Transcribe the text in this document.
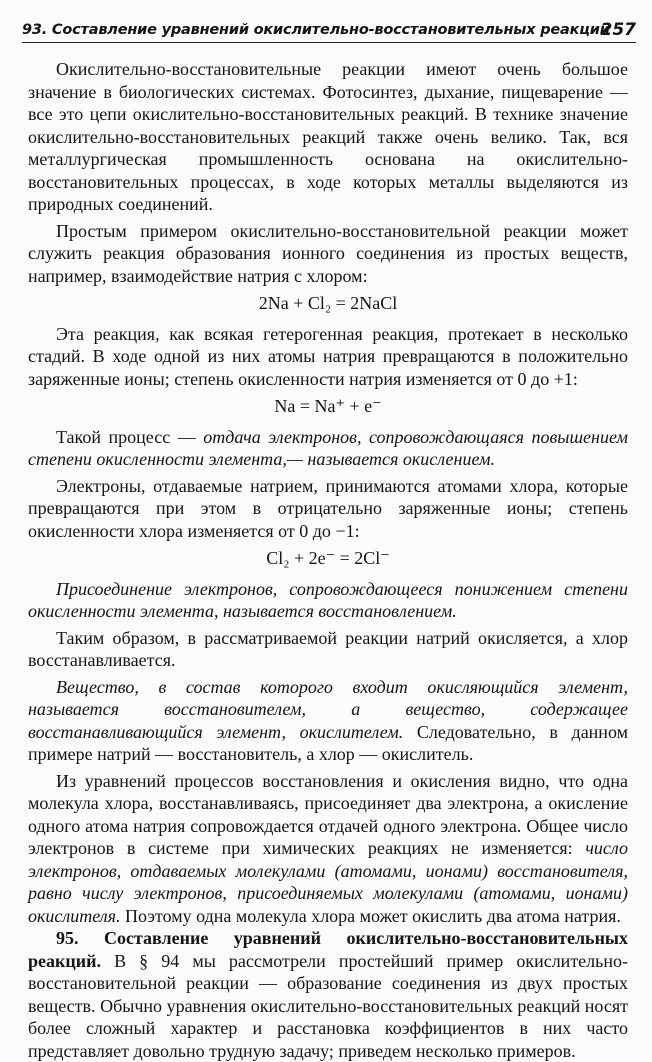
93. Составление уравнений окислительно-восстановительных реакций
257

Окислительно-восстановительные реакции имеют очень большое значение в биологических системах. Фотосинтез, дыхание, пищеварение — все это цепи окислительно-восстановительных реакций. В технике значение окислительно-восстановительных реакций также очень велико. Так, вся металлургическая промышленность основана на окислительно-восстановительных процессах, в ходе которых металлы выделяются из природных соединений.

Простым примером окислительно-восстановительной реакции может служить реакция образования ионного соединения из простых веществ, например, взаимодействие натрия с хлором:

2Na + Cl₂ = 2NaCl

Эта реакция, как всякая гетерогенная реакция, протекает в несколько стадий. В ходе одной из них атомы натрия превращаются в положительно заряженные ионы; степень окисленности натрия изменяется от 0 до +1:

Na = Na⁺ + e⁻

Такой процесс — отдача электронов, сопровождающаяся повышением степени окисленности элемента,— называется окислением.

Электроны, отдаваемые натрием, принимаются атомами хлора, которые превращаются при этом в отрицательно заряженные ионы; степень окисленности хлора изменяется от 0 до −1:

Cl₂ + 2e⁻ = 2Cl⁻

Присоединение электронов, сопровождающееся понижением степени окисленности элемента, называется восстановлением.

Таким образом, в рассматриваемой реакции натрий окисляется, а хлор восстанавливается.

Вещество, в состав которого входит окисляющийся элемент, называется восстановителем, а вещество, содержащее восстанавливающийся элемент, окислителем. Следовательно, в данном примере натрий — восстановитель, а хлор — окислитель.

Из уравнений процессов восстановления и окисления видно, что одна молекула хлора, восстанавливаясь, присоединяет два электрона, а окисление одного атома натрия сопровождается отдачей одного электрона. Общее число электронов в системе при химических реакциях не изменяется: число электронов, отдаваемых молекулами (атомами, ионами) восстановителя, равно числу электронов, присоединяемых молекулами (атомами, ионами) окислителя. Поэтому одна молекула хлора может окислить два атома натрия.

95. Составление уравнений окислительно-восстановительных реакций. В § 94 мы рассмотрели простейший пример окислительно-восстановительной реакции — образование соединения из двух простых веществ. Обычно уравнения окислительно-восстановительных реакций носят более сложный характер и расстановка коэффициентов в них часто представляет довольно трудную задачу; приведем несколько примеров.
